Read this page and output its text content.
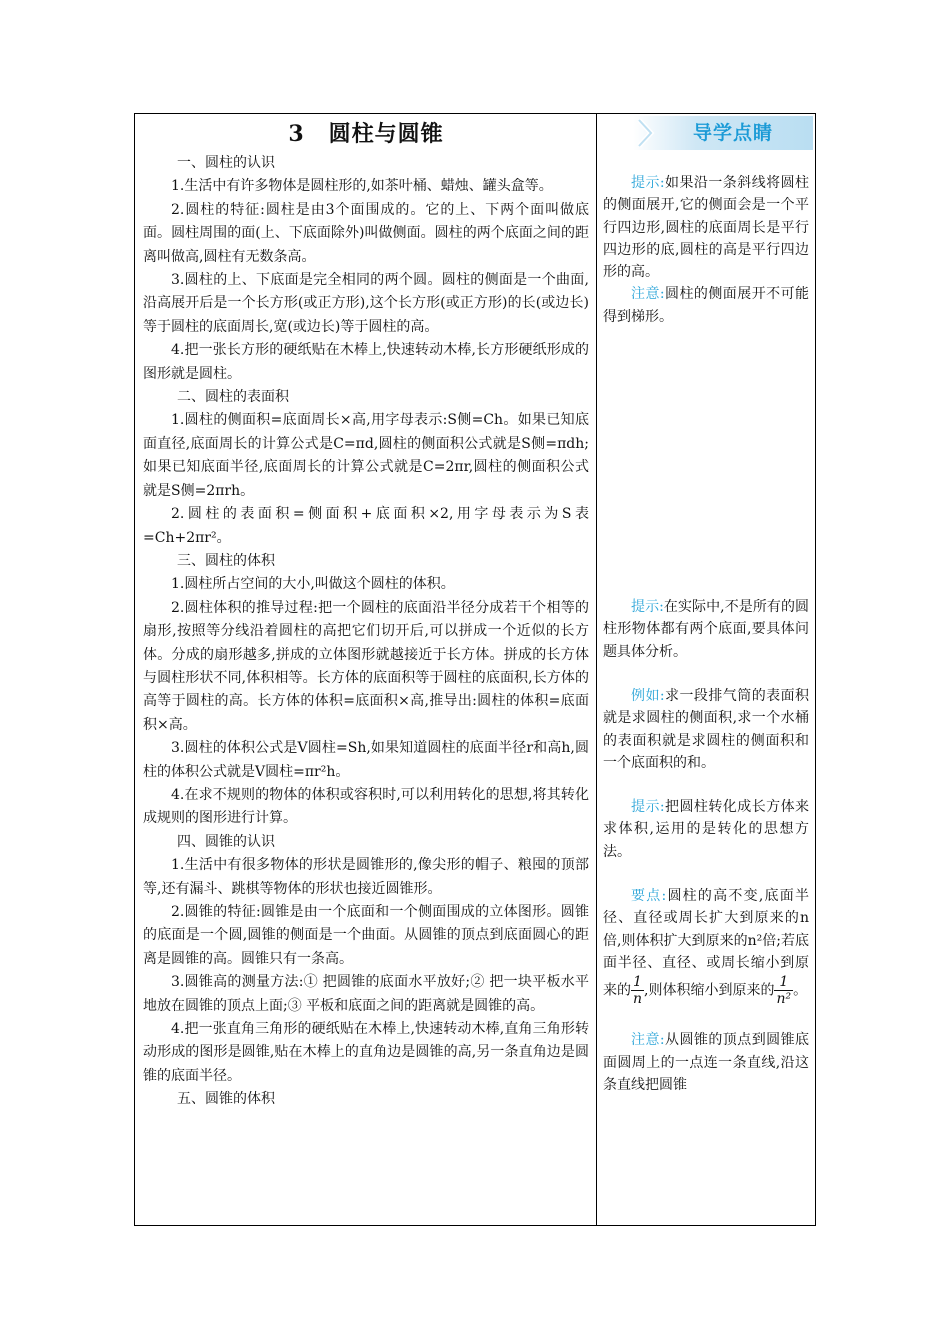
3 圆柱与圆锥

一、圆柱的认识

1.生活中有许多物体是圆柱形的,如茶叶桶、蜡烛、罐头盒等。

2.圆柱的特征:圆柱是由3个面围成的。它的上、下两个面叫做底面。圆柱周围的面(上、下底面除外)叫做侧面。圆柱的两个底面之间的距离叫做高,圆柱有无数条高。

3.圆柱的上、下底面是完全相同的两个圆。圆柱的侧面是一个曲面,沿高展开后是一个长方形(或正方形),这个长方形(或正方形)的长(或边长)等于圆柱的底面周长,宽(或边长)等于圆柱的高。

4.把一张长方形的硬纸贴在木棒上,快速转动木棒,长方形硬纸形成的图形就是圆柱。

二、圆柱的表面积

1.圆柱的侧面积=底面周长×高,用字母表示:S侧=Ch。如果已知底面直径,底面周长的计算公式是C=πd,圆柱的侧面积公式就是S侧=πdh;如果已知底面半径,底面周长的计算公式就是C=2πr,圆柱的侧面积公式就是S侧=2πrh。

2.圆柱的表面积=侧面积+底面积×2,用字母表示为S表=Ch+2πr²。

三、圆柱的体积

1.圆柱所占空间的大小,叫做这个圆柱的体积。

2.圆柱体积的推导过程:把一个圆柱的底面沿半径分成若干个相等的扇形,按照等分线沿着圆柱的高把它们切开后,可以拼成一个近似的长方体。分成的扇形越多,拼成的立体图形就越接近于长方体。拼成的长方体与圆柱形状不同,体积相等。长方体的底面积等于圆柱的底面积,长方体的高等于圆柱的高。长方体的体积=底面积×高,推导出:圆柱的体积=底面积×高。

3.圆柱的体积公式是V圆柱=Sh,如果知道圆柱的底面半径r和高h,圆柱的体积公式就是V圆柱=πr²h。

4.在求不规则的物体的体积或容积时,可以利用转化的思想,将其转化成规则的图形进行计算。

四、圆锥的认识

1.生活中有很多物体的形状是圆锥形的,像尖形的帽子、粮囤的顶部等,还有漏斗、跳棋等物体的形状也接近圆锥形。

2.圆锥的特征:圆锥是由一个底面和一个侧面围成的立体图形。圆锥的底面是一个圆,圆锥的侧面是一个曲面。从圆锥的顶点到底面圆心的距离是圆锥的高。圆锥只有一条高。

3.圆锥高的测量方法:① 把圆锥的底面水平放好;② 把一块平板水平地放在圆锥的顶点上面;③ 平板和底面之间的距离就是圆锥的高。

4.把一张直角三角形的硬纸贴在木棒上,快速转动木棒,直角三角形转动形成的图形是圆锥,贴在木棒上的直角边是圆锥的高,另一条直角边是圆锥的底面半径。

五、圆锥的体积

导学点睛

提示:如果沿一条斜线将圆柱的侧面展开,它的侧面会是一个平行四边形,圆柱的底面周长是平行四边形的底,圆柱的高是平行四边形的高。

注意:圆柱的侧面展开不可能得到梯形。

提示:在实际中,不是所有的圆柱形物体都有两个底面,要具体问题具体分析。

例如:求一段排气筒的表面积就是求圆柱的侧面积,求一个水桶的表面积就是求圆柱的侧面积和一个底面积的和。

提示:把圆柱转化成长方体来求体积,运用的是转化的思想方法。

要点:圆柱的高不变,底面半径、直径或周长扩大到原来的n倍,则体积扩大到原来的n²倍;若底面半径、直径、或周长缩小到原来的 $\frac{1}{n}$ ,则体积缩小到原来的 $\frac{1}{\text{n²}}$ 。

注意:从圆锥的顶点到圆锥底面圆周上的一点连一条直线,沿这条直线把圆锥
